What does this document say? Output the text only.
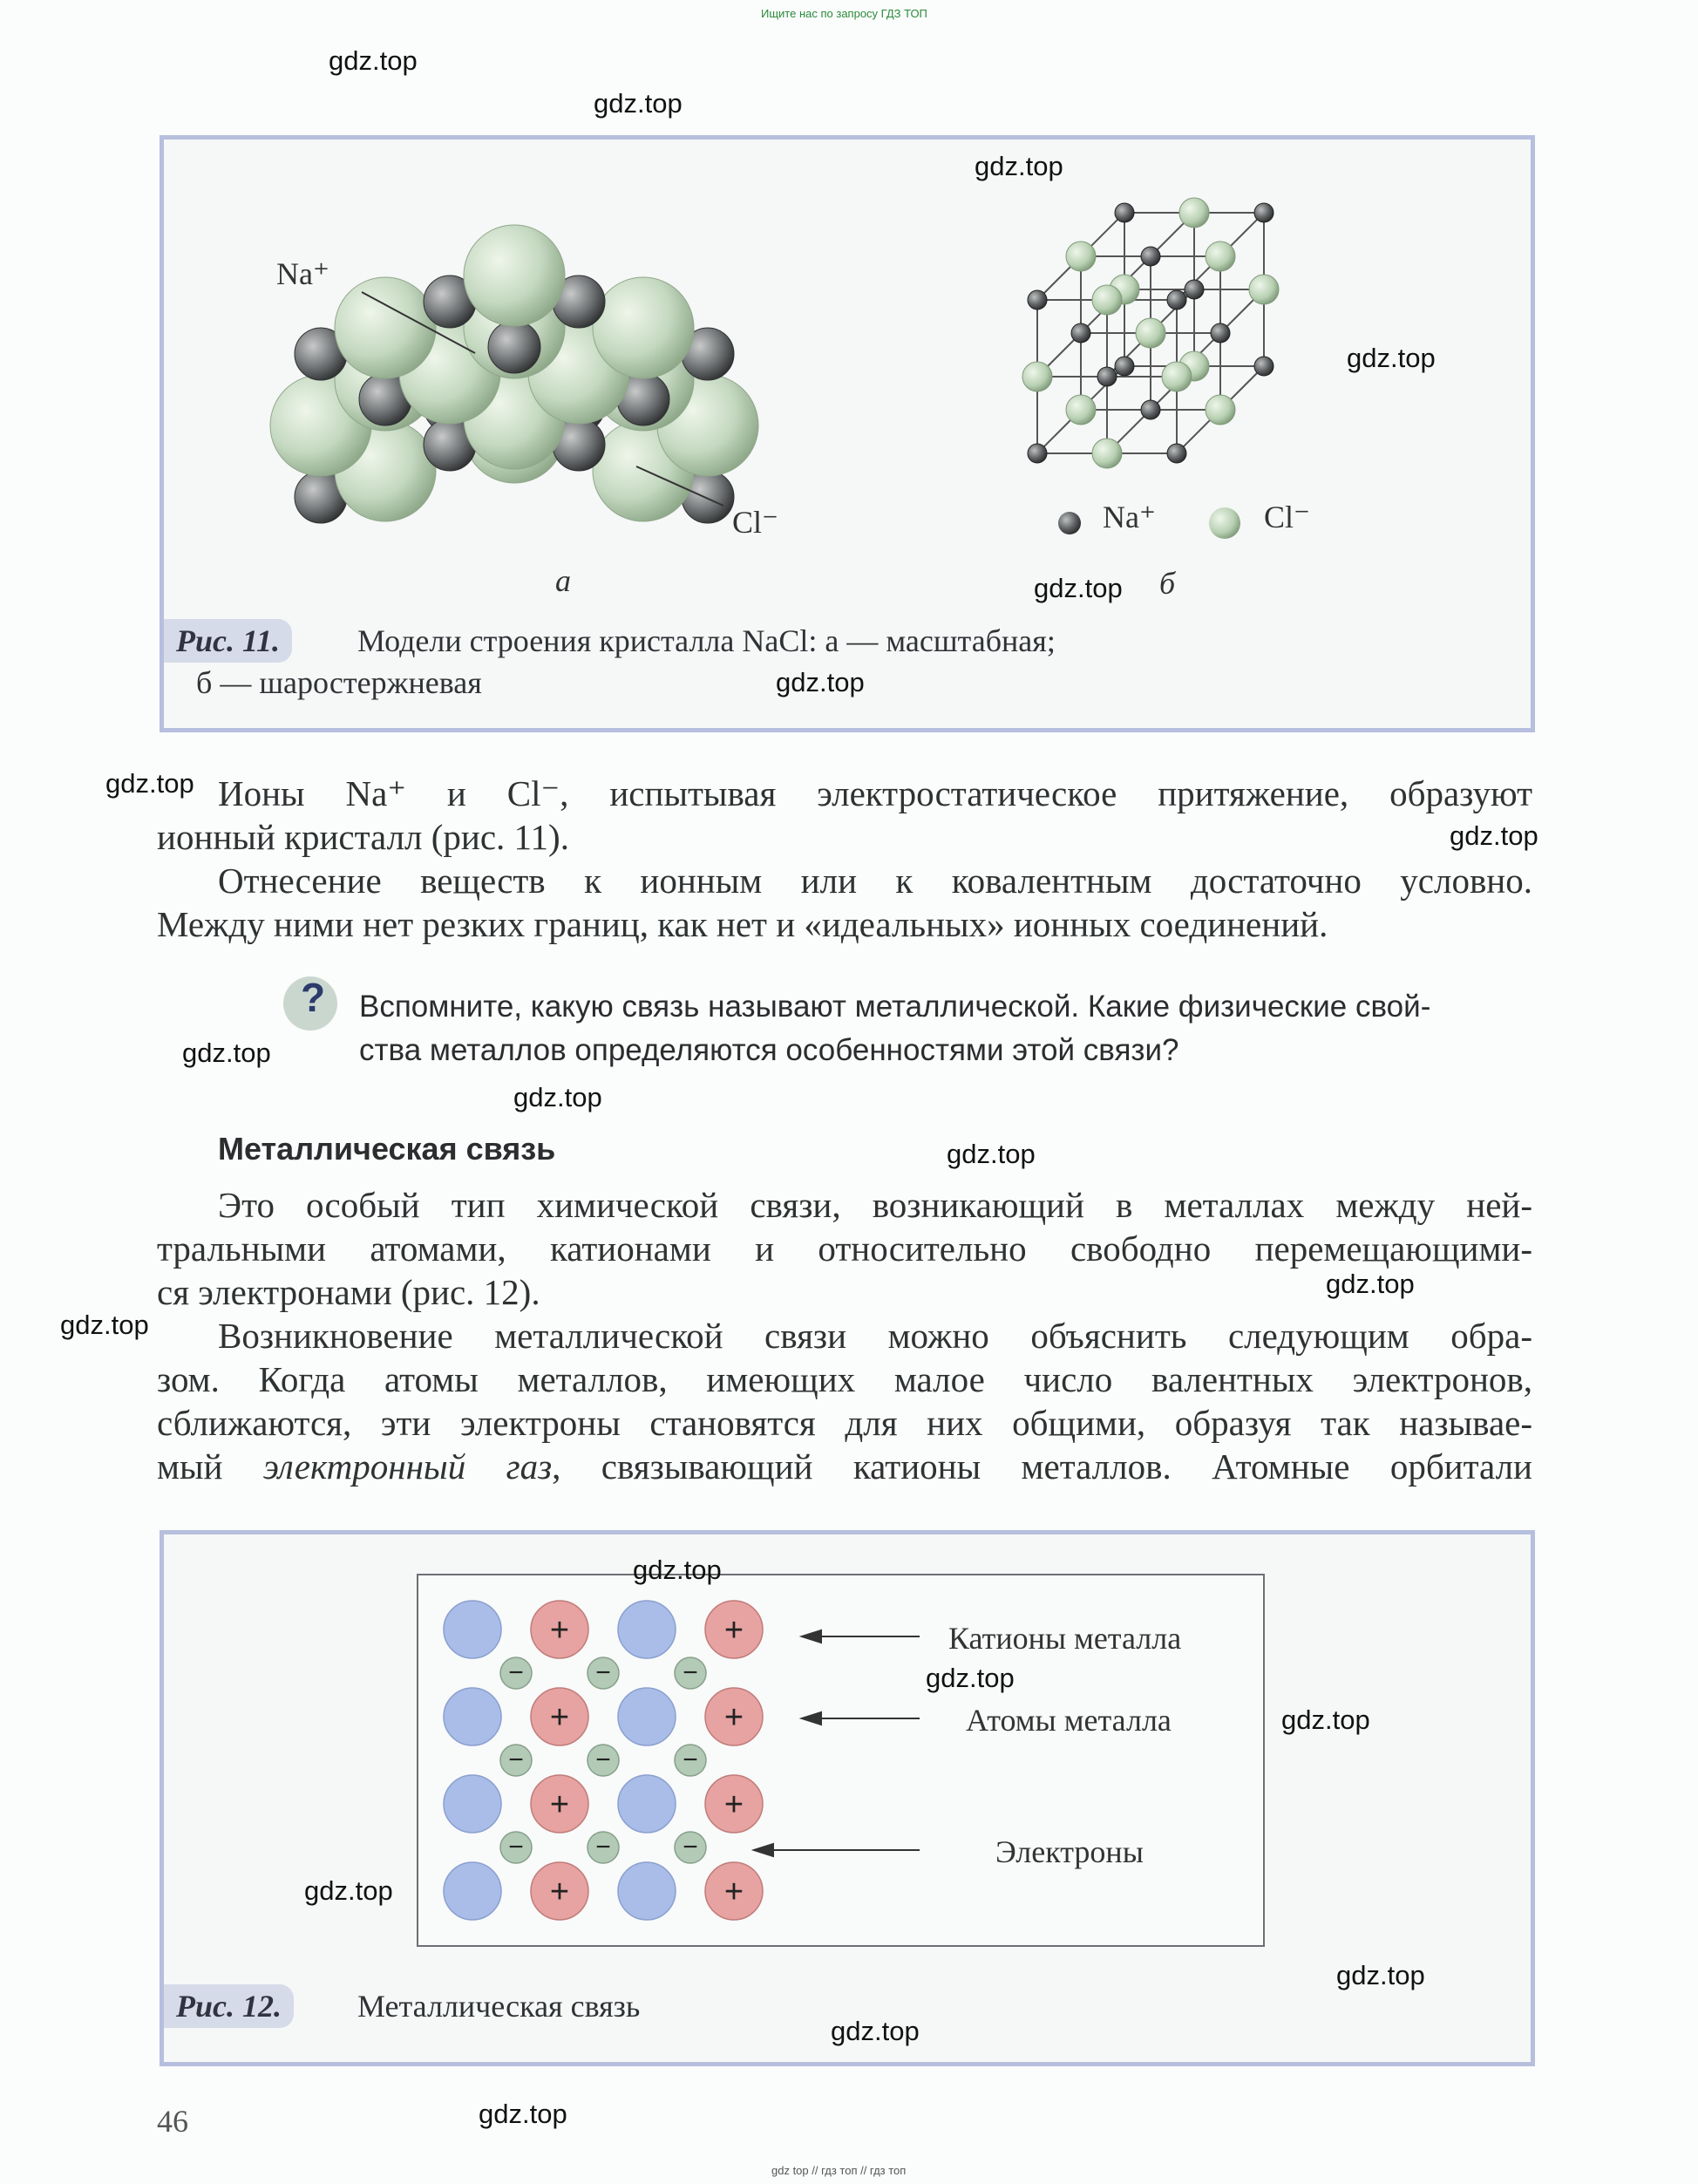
Ищите нас по запросу ГДЗ ТОП
Na⁺
Cl⁻
а
Na⁺	Cl⁻
б
Рис. 11.	Модели строения кристалла NaCl: а — масштабная;
б — шаростержневая
Ионы Na⁺ и Cl⁻, испытывая электростатическое притяжение, образуют
ионный кристалл (рис. 11).
Отнесение веществ к ионным или к ковалентным достаточно условно.
Между ними нет резких границ, как нет и «идеальных» ионных соединений.
? Вспомните, какую связь называют металлической. Какие физические свой-
ства металлов определяются особенностями этой связи?
Металлическая связь
Это особый тип химической связи, возникающий в металлах между ней-
тральными атомами, катионами и относительно свободно перемещающими-
ся электронами (рис. 12).
Возникновение металлической связи можно объяснить следующим обра-
зом. Когда атомы металлов, имеющих малое число валентных электронов,
сближаются, эти электроны становятся для них общими, образуя так называе-
мый электронный газ, связывающий катионы металлов. Атомные орбитали
+	+
−	−	−
+	+
−	−	−
+	+
−	−	−
+	+
Катионы металла
Атомы металла
Электроны
Рис. 12.	Металлическая связь
46
gdz top // гдз топ // гдз топ
gdz.top
gdz.top
gdz.top
gdz.top
gdz.top
gdz.top
gdz.top
gdz.top
gdz.top
gdz.top
gdz.top
gdz.top
gdz.top
gdz.top
gdz.top
gdz.top
gdz.top
gdz.top
gdz.top
gdz.top
